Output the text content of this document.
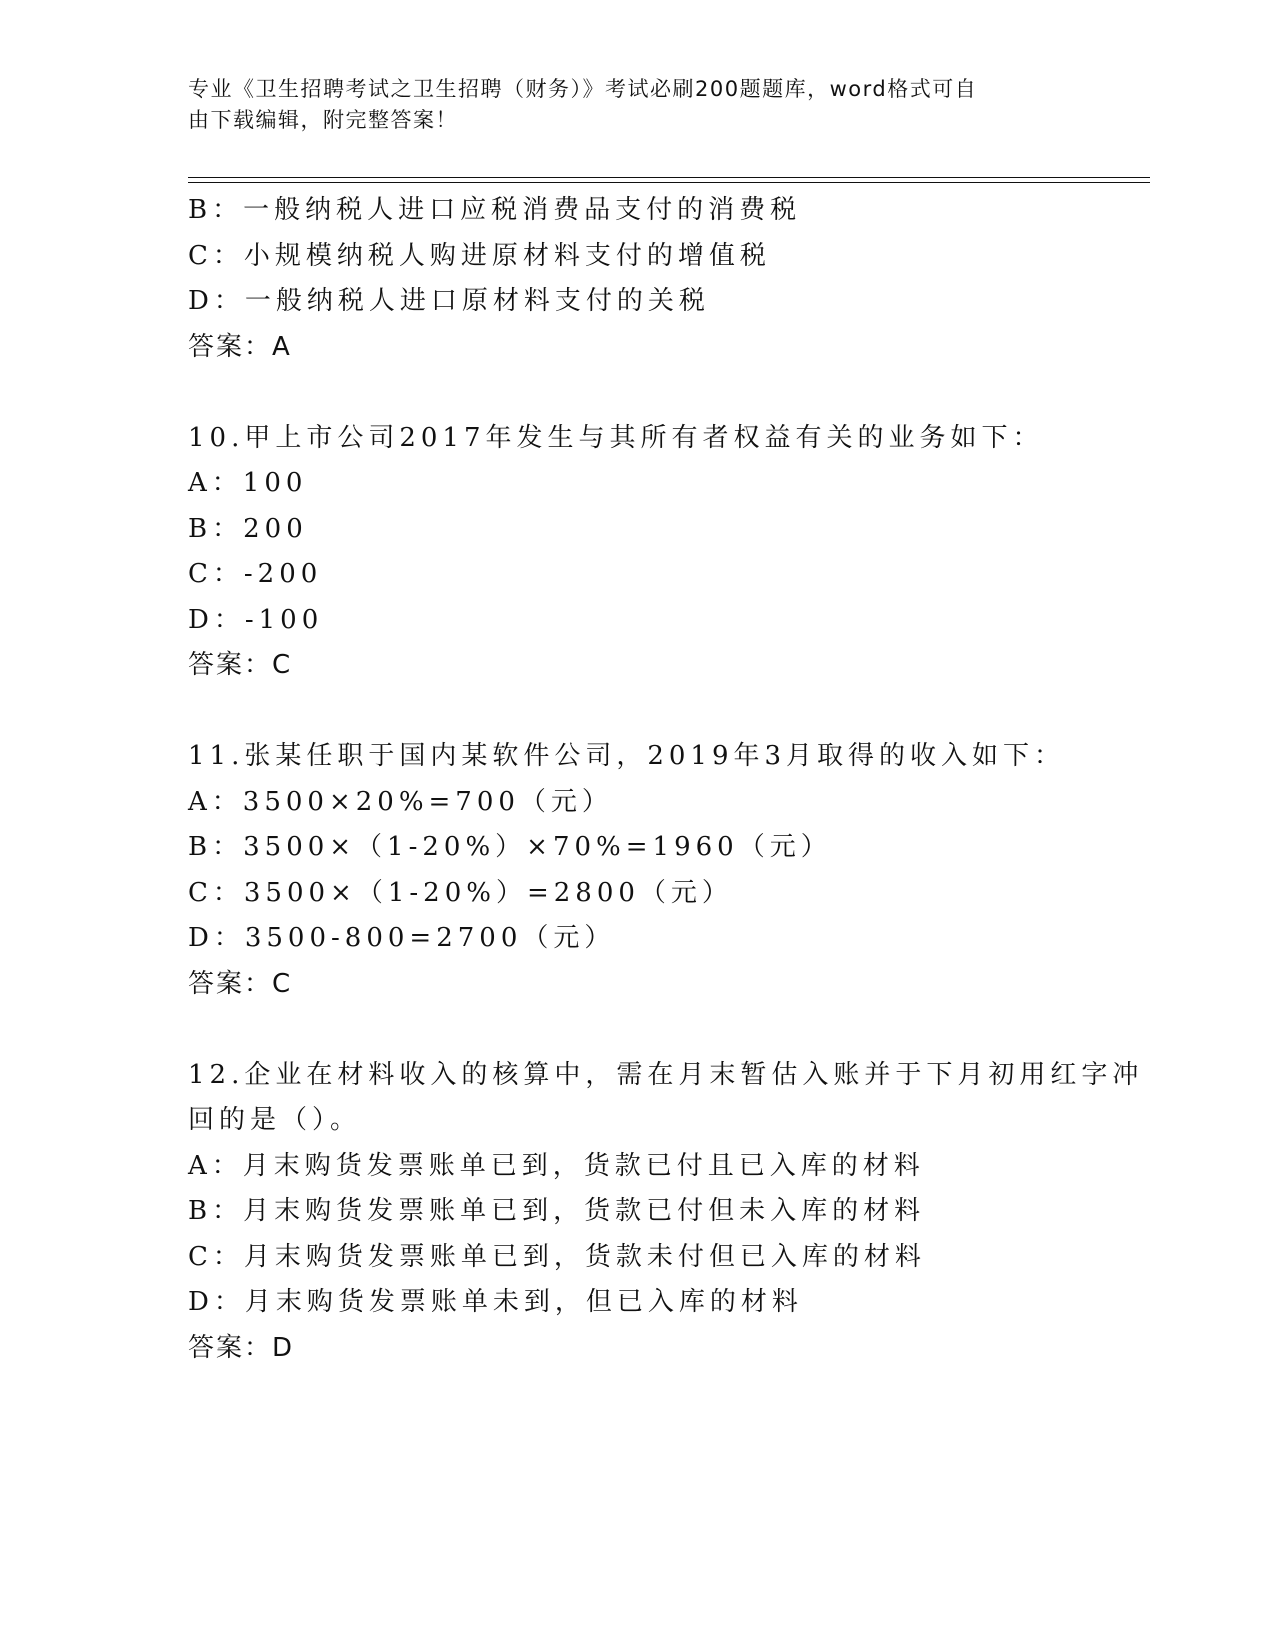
专业《卫生招聘考试之卫生招聘（财务）》考试必刷200题题库，word格式可自
由下载编辑，附完整答案！
B：一般纳税人进口应税消费品支付的消费税
C：小规模纳税人购进原材料支付的增值税
D：一般纳税人进口原材料支付的关税
答案：A
10.甲上市公司2017年发生与其所有者权益有关的业务如下：
A：100
B：200
C：-200
D：-100
答案：C
11.张某任职于国内某软件公司，2019年3月取得的收入如下：
A：3500×20%=700（元）
B：3500×（1-20%）×70%=1960（元）
C：3500×（1-20%）=2800（元）
D：3500-800=2700（元）
答案：C
12.企业在材料收入的核算中，需在月末暂估入账并于下月初用红字冲
回的是（）。
A：月末购货发票账单已到，货款已付且已入库的材料
B：月末购货发票账单已到，货款已付但未入库的材料
C：月末购货发票账单已到，货款未付但已入库的材料
D：月末购货发票账单未到，但已入库的材料
答案：D
